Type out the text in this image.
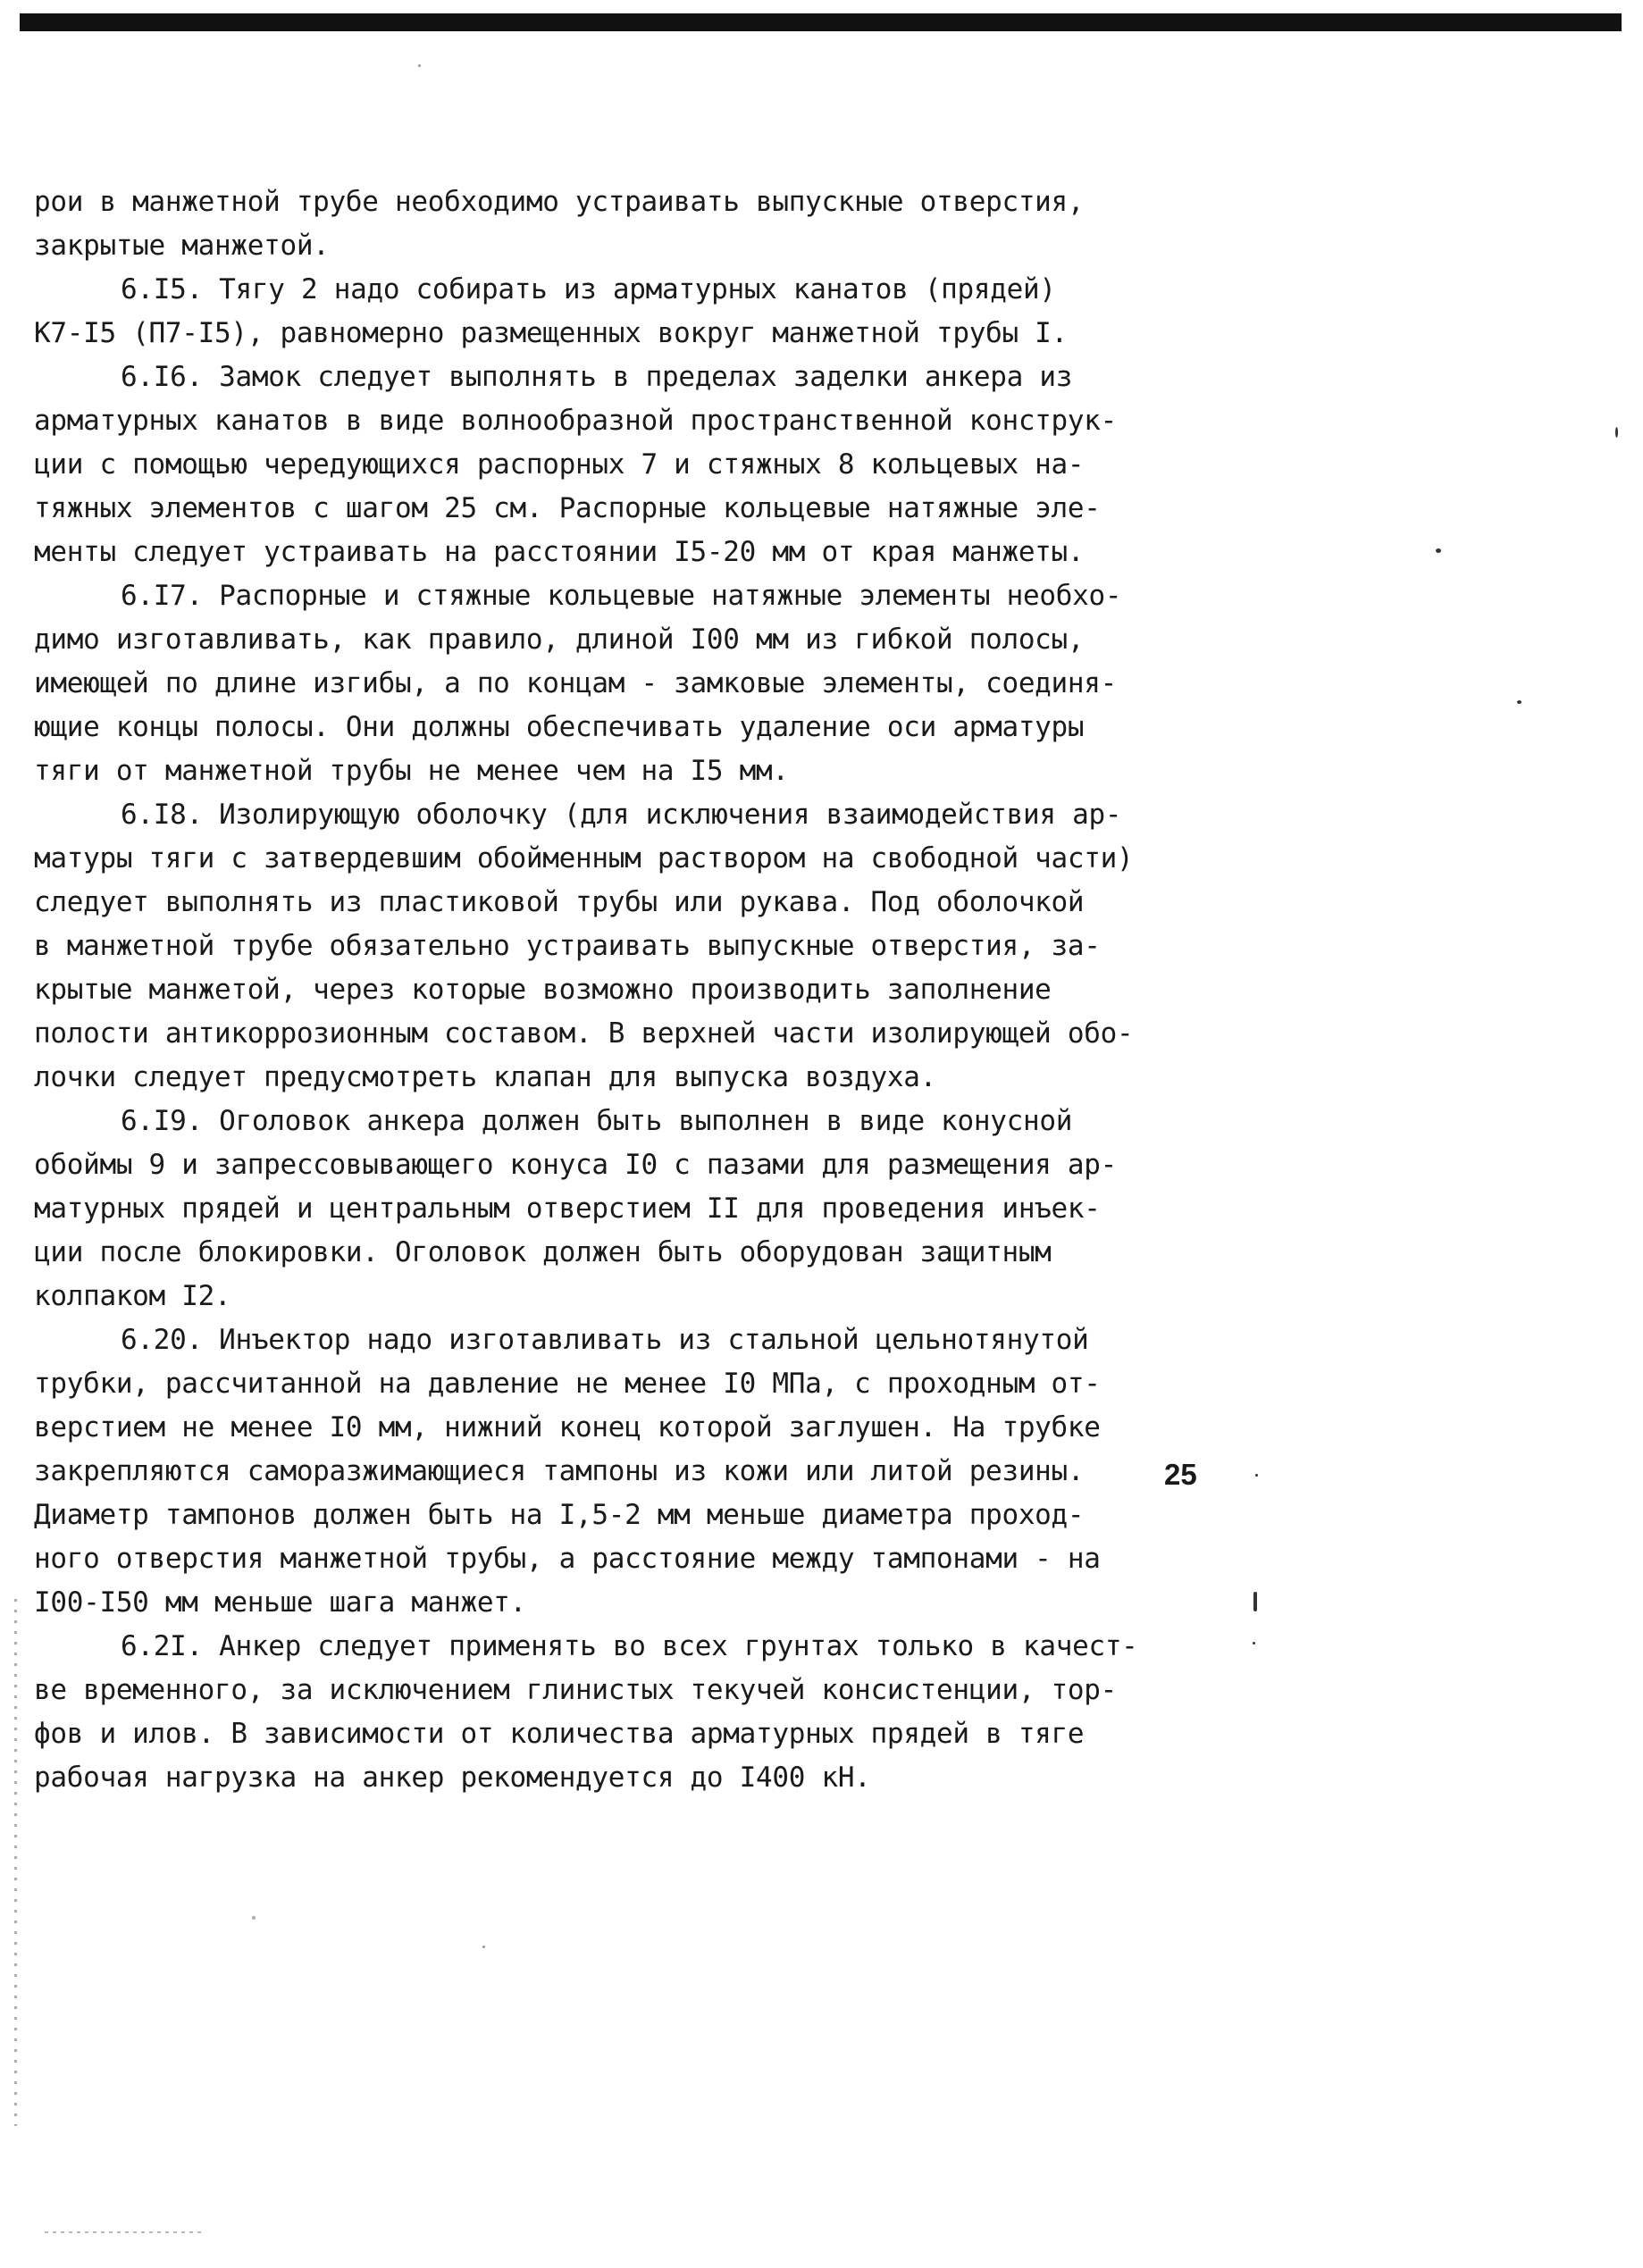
рои в манжетной трубе необходимо устраивать выпускные отверстия,
закрытые манжетой.
6.I5. Тягу 2 надо собирать из арматурных канатов (прядей)
К7-I5 (П7-I5), равномерно размещенных вокруг манжетной трубы I.
6.I6. Замок следует выполнять в пределах заделки анкера из
арматурных канатов в виде волнообразной пространственной конструк-
ции с помощью чередующихся распорных 7 и стяжных 8 кольцевых на-
тяжных элементов с шагом 25 см. Распорные кольцевые натяжные эле-
менты следует устраивать на расстоянии I5-20 мм от края манжеты.
6.I7. Распорные и стяжные кольцевые натяжные элементы необхо-
димо изготавливать, как правило, длиной I00 мм из гибкой полосы,
имеющей по длине изгибы, а по концам - замковые элементы, соединя-
ющие концы полосы. Они должны обеспечивать удаление оси арматуры
тяги от манжетной трубы не менее чем на I5 мм.
6.I8. Изолирующую оболочку (для исключения взаимодействия ар-
матуры тяги с затвердевшим обойменным раствором на свободной части)
следует выполнять из пластиковой трубы или рукава. Под оболочкой
в манжетной трубе обязательно устраивать выпускные отверстия, за-
крытые манжетой, через которые возможно производить заполнение
полости антикоррозионным составом. В верхней части изолирующей обо-
лочки следует предусмотреть клапан для выпуска воздуха.
6.I9. Оголовок анкера должен быть выполнен в виде конусной
обоймы 9 и запрессовывающего конуса I0 с пазами для размещения ар-
матурных прядей и центральным отверстием II для проведения инъек-
ции после блокировки. Оголовок должен быть оборудован защитным
колпаком I2.
6.20. Инъектор надо изготавливать из стальной цельнотянутой
трубки, рассчитанной на давление не менее I0 МПа, с проходным от-
верстием не менее I0 мм, нижний конец которой заглушен. На трубке
закрепляются саморазжимающиеся тампоны из кожи или литой резины.
Диаметр тампонов должен быть на I,5-2 мм меньше диаметра проход-
ного отверстия манжетной трубы, а расстояние между тампонами - на
I00-I50 мм меньше шага манжет.
6.2I. Анкер следует применять во всех грунтах только в качест-
ве временного, за исключением глинистых текучей консистенции, тор-
фов и илов. В зависимости от количества арматурных прядей в тяге
рабочая нагрузка на анкер рекомендуется до I400 кН.
25
